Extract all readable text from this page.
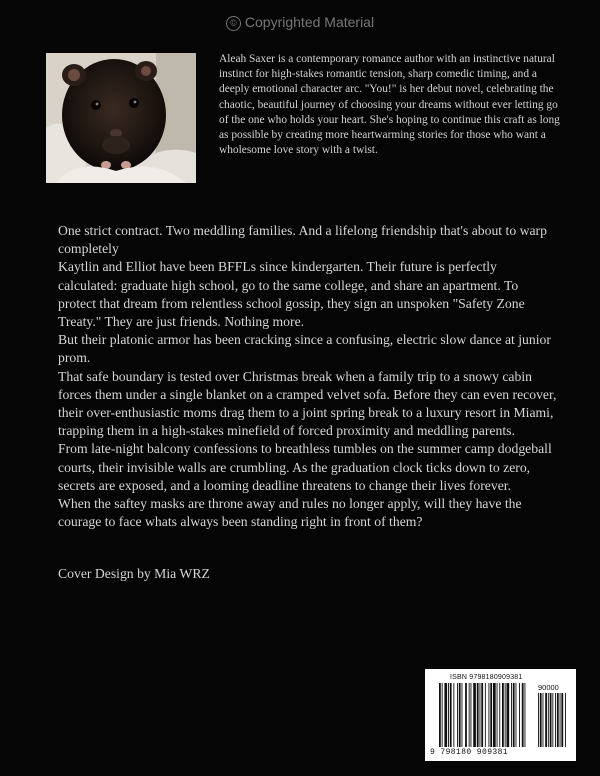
© Copyrighted Material
Aleah Saxer is a contemporary romance author with an instinctive natural instinct for high-stakes romantic tension, sharp comedic timing, and a deeply emotional character arc. "You!" is her debut novel, celebrating the chaotic, beautiful journey of choosing your dreams without ever letting go of the one who holds your heart. She's hoping to continue this craft as long as possible by creating more heartwarming stories for those who want a wholesome love story with a twist.

One strict contract. Two meddling families. And a lifelong friendship that's about to warp completely

Kaytlin and Elliot have been BFFLs since kindergarten. Their future is perfectly calculated: graduate high school, go to the same college, and share an apartment. To protect that dream from relentless school gossip, they sign an unspoken "Safety Zone Treaty." They are just friends. Nothing more.

But their platonic armor has been cracking since a confusing, electric slow dance at junior prom.

That safe boundary is tested over Christmas break when a family trip to a snowy cabin forces them under a single blanket on a cramped velvet sofa. Before they can even recover, their over-enthusiastic moms drag them to a joint spring break to a luxury resort in Miami, trapping them in a high-stakes minefield of forced proximity and meddling parents.

From late-night balcony confessions to breathless tumbles on the summer camp dodgeball courts, their invisible walls are crumbling. As the graduation clock ticks down to zero, secrets are exposed, and a looming deadline threatens to change their lives forever.

When the saftey masks are throne away and rules no longer apply, will they have the courage to face whats always been standing right in front of them?

Cover Design by Mia WRZ
ISBN 9798180909381
90000
9 798180 909381
